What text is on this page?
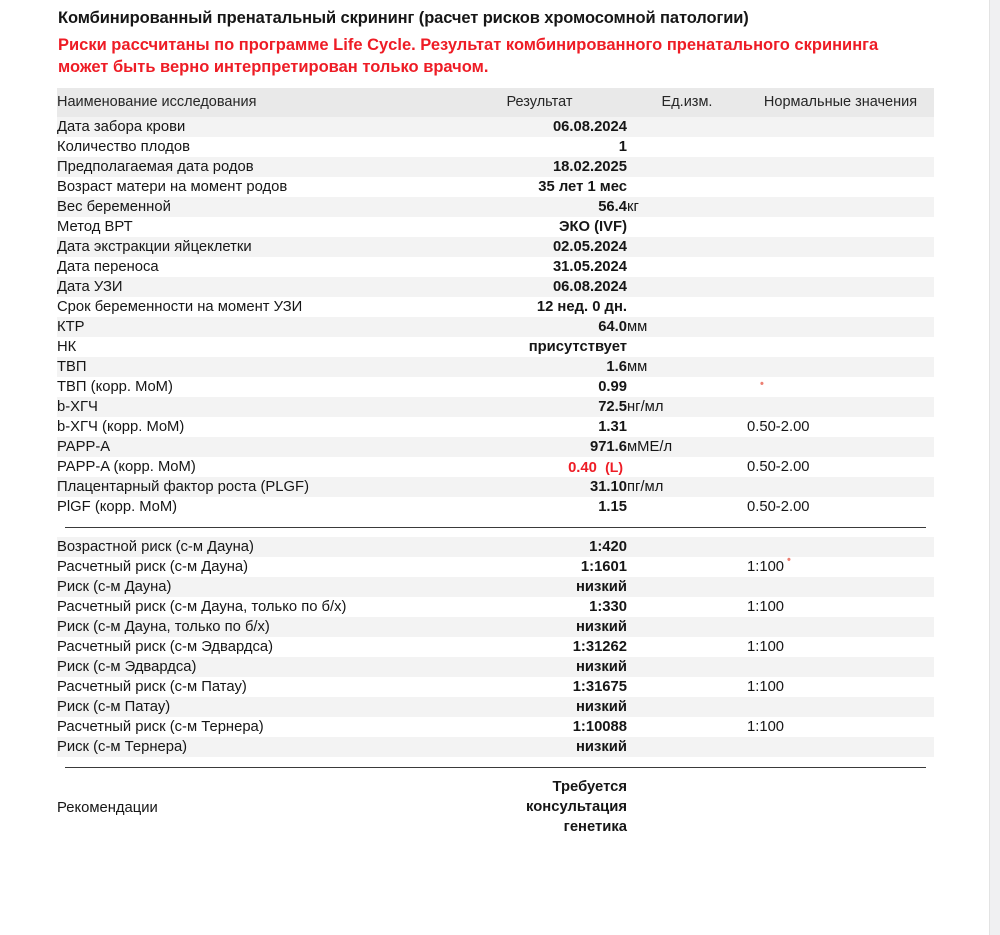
Комбинированный пренатальный скрининг (расчет рисков хромосомной патологии)

Риски рассчитаны по программе Life Cycle. Результат комбинированного пренатального скрининга может быть верно интерпретирован только врачом.

Наименование исследования	Результат	Ед.изм.	Нормальные значения
Дата забора крови	06.08.2024		
Количество плодов	1		
Предполагаемая дата родов	18.02.2025		
Возраст матери на момент родов	35 лет 1 мес		
Вес беременной	56.4	кг	
Метод ВРТ	ЭКО (IVF)		
Дата экстракции яйцеклетки	02.05.2024		
Дата переноса	31.05.2024		
Дата УЗИ	06.08.2024		
Срок беременности на момент УЗИ	12 нед. 0 дн.		
КТР	64.0	мм	
НК	присутствует		
ТВП	1.6	мм	
ТВП (корр. MoM)	0.99		
b-ХГЧ	72.5	нг/мл	
b-ХГЧ (корр. MoM)	1.31		0.50-2.00
PAPP-A	971.6	мМЕ/л	
PAPP-A (корр. MoM)	0.40 (L)		0.50-2.00
Плацентарный фактор роста (PLGF)	31.10	пг/мл	
PlGF (корр. MoM)	1.15		0.50-2.00

Возрастной риск (с-м Дауна)	1:420		
Расчетный риск (с-м Дауна)	1:1601		1:100
Риск (с-м Дауна)	низкий		
Расчетный риск (с-м Дауна, только по б/х)	1:330		1:100
Риск (с-м Дауна, только по б/х)	низкий		
Расчетный риск (с-м Эдвардса)	1:31262		1:100
Риск (с-м Эдвардса)	низкий		
Расчетный риск (с-м Патау)	1:31675		1:100
Риск (с-м Патау)	низкий		
Расчетный риск (с-м Тернера)	1:10088		1:100
Риск (с-м Тернера)	низкий		

Рекомендации	Требуется
консультация
генетика		

•
•
